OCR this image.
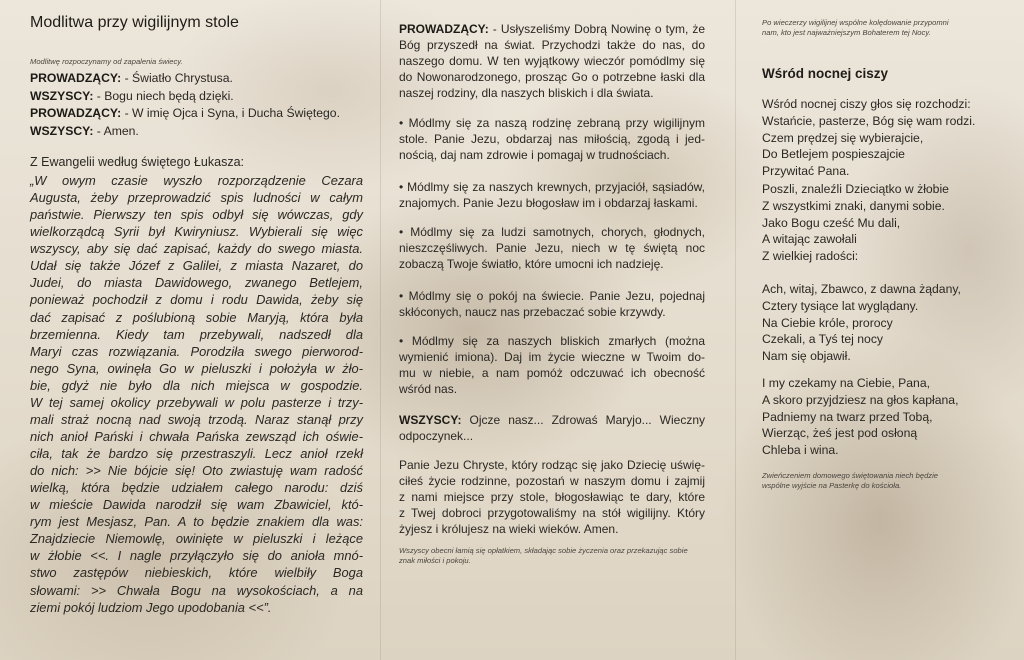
Modlitwa przy wigilijnym stole
Modlitwę rozpoczynamy od zapalenia świecy.
PROWADZĄCY: - Światło Chrystusa.
WSZYSCY: - Bogu niech będą dzięki.
PROWADZĄCY: - W imię Ojca i Syna, i Ducha Świętego.
WSZYSCY: - Amen.
Z Ewangelii według świętego Łukasza:
„W owym czasie wyszło rozporządzenie Cezara
Augusta, żeby przeprowadzić spis ludności w całym
państwie. Pierwszy ten spis odbył się wówczas, gdy
wielkorządcą Syrii był Kwiryniusz. Wybierali się więc
wszyscy, aby się dać zapisać, każdy do swego miasta.
Udał się także Józef z Galilei, z miasta Nazaret, do
Judei, do miasta Dawidowego, zwanego Betlejem,
ponieważ pochodził z domu i rodu Dawida, żeby się
dać zapisać z poślubioną sobie Maryją, która była
brzemienna. Kiedy tam przebywali, nadszedł dla
Maryi czas rozwiązania. Porodziła swego pierworod-
nego Syna, owinęła Go w pieluszki i położyła w żło-
bie, gdyż nie było dla nich miejsca w gospodzie.
W tej samej okolicy przebywali w polu pasterze i trzy-
mali straż nocną nad swoją trzodą. Naraz stanął przy
nich anioł Pański i chwała Pańska zewsząd ich oświe-
ciła, tak że bardzo się przestraszyli. Lecz anioł rzekł
do nich: >> Nie bójcie się! Oto zwiastuję wam radość
wielką, która będzie udziałem całego narodu: dziś
w mieście Dawida narodził się wam Zbawiciel, któ-
rym jest Mesjasz, Pan. A to będzie znakiem dla was:
Znajdziecie Niemowlę, owinięte w pieluszki i leżące
w żłobie <<. I nagle przyłączyło się do anioła mnó-
stwo zastępów niebieskich, które wielbiły Boga
słowami: >> Chwała Bogu na wysokościach, a na
ziemi pokój ludziom Jego upodobania <<”.
PROWADZĄCY: - Usłyszeliśmy Dobrą Nowinę o tym, że
Bóg przyszedł na świat. Przychodzi także do nas, do
naszego domu. W ten wyjątkowy wieczór pomódlmy się
do Nowonarodzonego, prosząc Go o potrzebne łaski dla
naszej rodziny, dla naszych bliskich i dla świata.
• Módlmy się za naszą rodzinę zebraną przy wigilijnym
stole. Panie Jezu, obdarzaj nas miłością, zgodą i jed-
nością, daj nam zdrowie i pomagaj w trudnościach.
• Módlmy się za naszych krewnych, przyjaciół, sąsiadów,
znajomych. Panie Jezu błogosław im i obdarzaj łaskami.
• Módlmy się za ludzi samotnych, chorych, głodnych,
nieszczęśliwych. Panie Jezu, niech w tę świętą noc
zobaczą Twoje światło, które umocni ich nadzieję.
• Módlmy się o pokój na świecie. Panie Jezu, pojednaj
skłóconych, naucz nas przebaczać sobie krzywdy.
• Módlmy się za naszych bliskich zmarłych (można
wymienić imiona). Daj im życie wieczne w Twoim do-
mu w niebie, a nam pomóż odczuwać ich obecność
wśród nas.
WSZYSCY: Ojcze nasz... Zdrowaś Maryjo... Wieczny
odpoczynek...
Panie Jezu Chryste, który rodząc się jako Dziecię uświę-
ciłeś życie rodzinne, pozostań w naszym domu i zajmij
z nami miejsce przy stole, błogosławiąc te dary, które
z Twej dobroci przygotowaliśmy na stół wigilijny. Który
żyjesz i królujesz na wieki wieków. Amen.
Wszyscy obecni łamią się opłatkiem, składając sobie życzenia oraz przekazując sobie
znak miłości i pokoju.
Po wieczerzy wigilijnej wspólne kolędowanie przypomni
nam, kto jest najważniejszym Bohaterem tej Nocy.
Wśród nocnej ciszy
Wśród nocnej ciszy głos się rozchodzi:
Wstańcie, pasterze, Bóg się wam rodzi.
Czem prędzej się wybierajcie,
Do Betlejem pospieszajcie
Przywitać Pana.
Poszli, znaleźli Dzieciątko w żłobie
Z wszystkimi znaki, danymi sobie.
Jako Bogu cześć Mu dali,
A witając zawołali
Z wielkiej radości:
Ach, witaj, Zbawco, z dawna żądany,
Cztery tysiące lat wyglądany.
Na Ciebie króle, prorocy
Czekali, a Tyś tej nocy
Nam się objawił.
I my czekamy na Ciebie, Pana,
A skoro przyjdziesz na głos kapłana,
Padniemy na twarz przed Tobą,
Wierząc, żeś jest pod osłoną
Chleba i wina.
Zwieńczeniem domowego świętowania niech będzie
wspólne wyjście na Pasterkę do kościoła.
